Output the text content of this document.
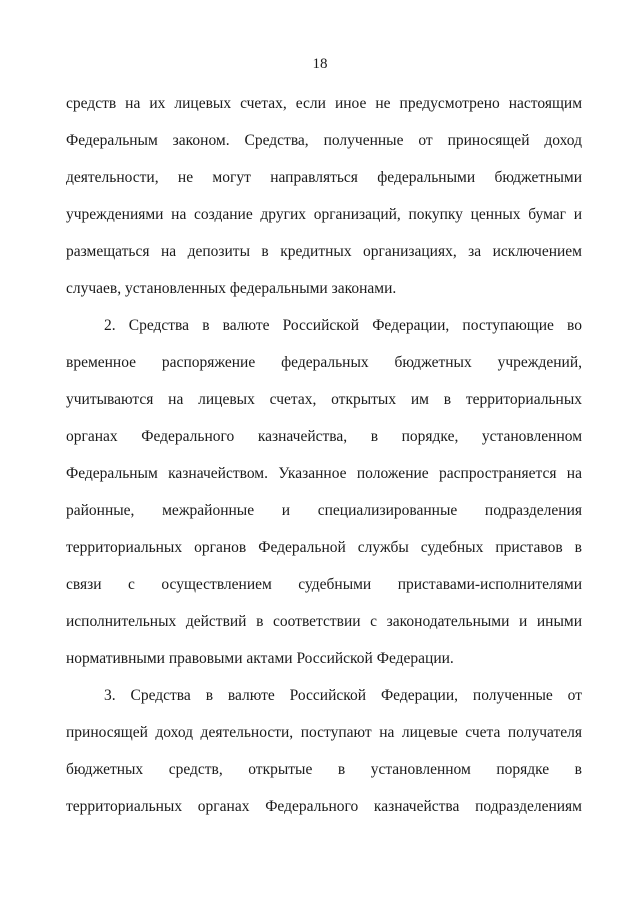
18
средств на их лицевых счетах, если иное не предусмотрено настоящим
Федеральным законом. Средства, полученные от приносящей доход
деятельности, не могут направляться федеральными бюджетными
учреждениями на создание других организаций, покупку ценных бумаг и
размещаться на депозиты в кредитных организациях, за исключением
случаев, установленных федеральными законами.
2. Средства в валюте Российской Федерации, поступающие во
временное распоряжение федеральных бюджетных учреждений,
учитываются на лицевых счетах, открытых им в территориальных
органах Федерального казначейства, в порядке, установленном
Федеральным казначейством. Указанное положение распространяется на
районные, межрайонные и специализированные подразделения
территориальных органов Федеральной службы судебных приставов в
связи с осуществлением судебными приставами-исполнителями
исполнительных действий в соответствии с законодательными и иными
нормативными правовыми актами Российской Федерации.
3. Средства в валюте Российской Федерации, полученные от
приносящей доход деятельности, поступают на лицевые счета получателя
бюджетных средств, открытые в установленном порядке в
территориальных органах Федерального казначейства подразделениям
